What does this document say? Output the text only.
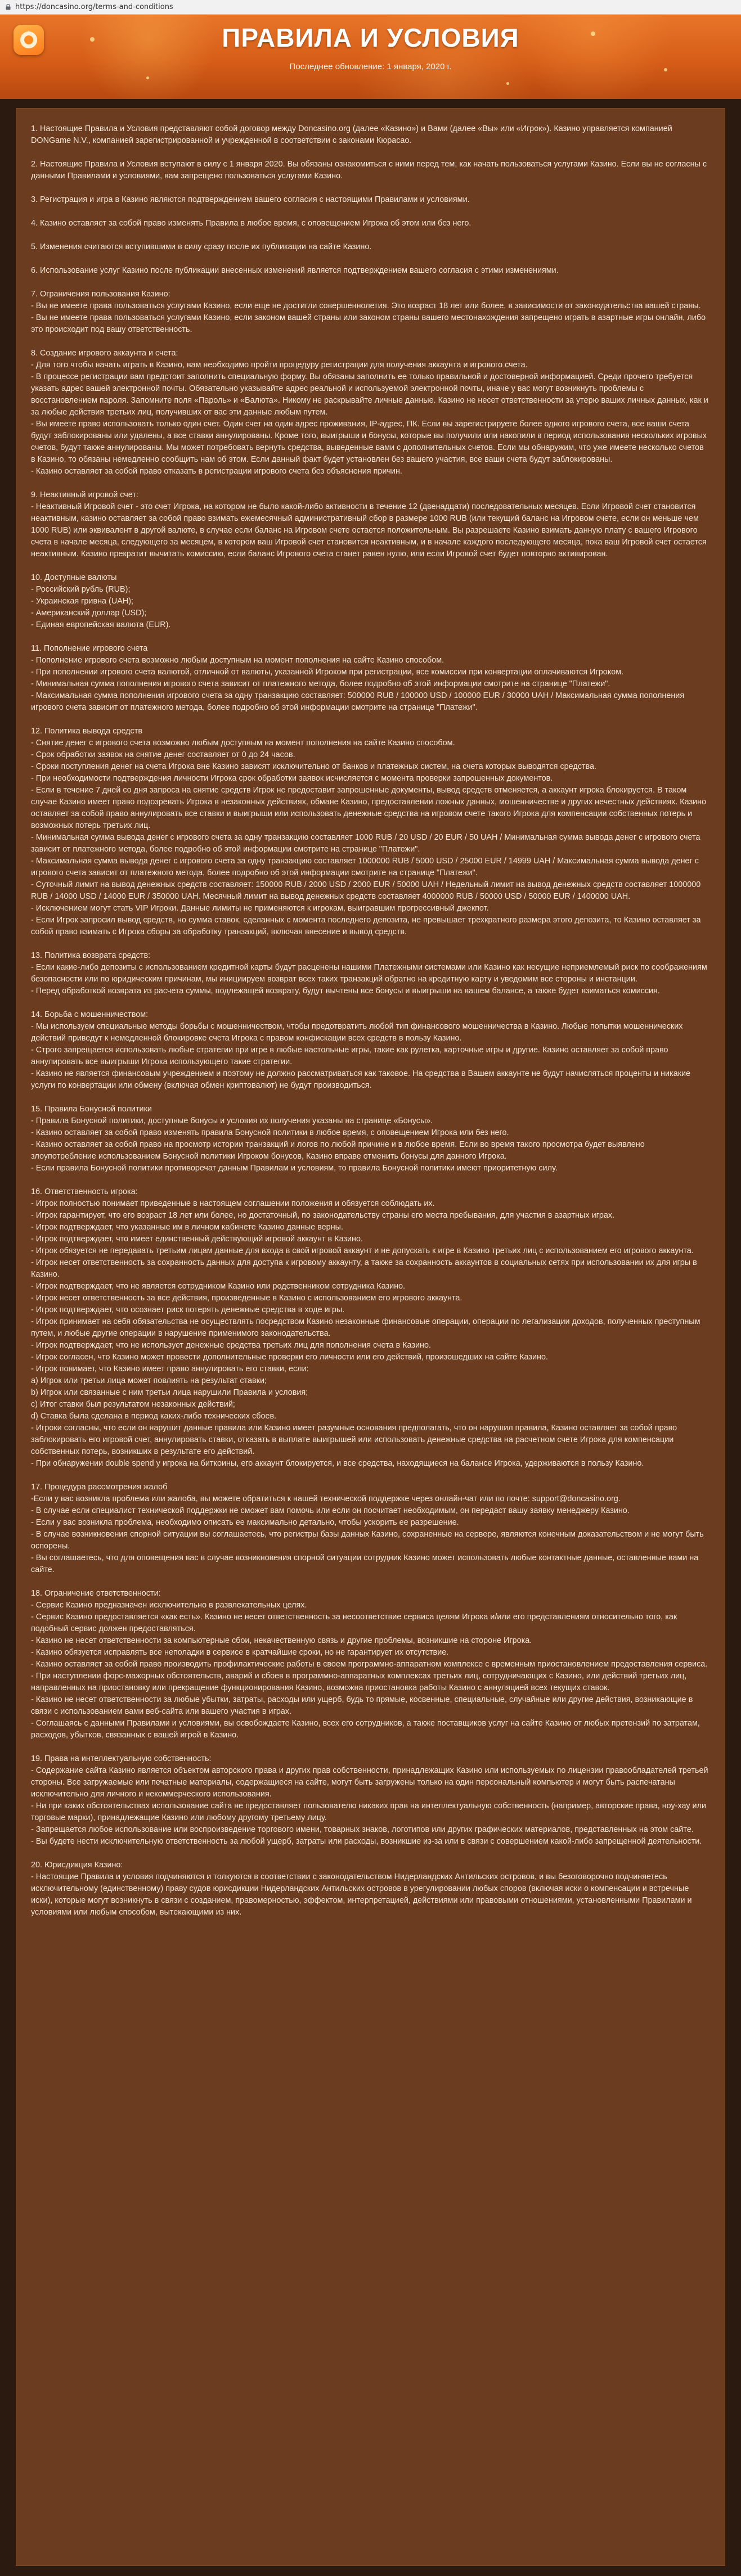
https://doncasino.org/terms-and-conditions
ПРАВИЛА И УСЛОВИЯ
Последнее обновление: 1 января, 2020 г.
1. Настоящие Правила и Условия представляют собой договор между Doncasino.org (далее «Казино») и Вами (далее «Вы» или «Игрок»). Казино управляется компанией DONGame N.V., компанией зарегистрированной и учрежденной в соответствии с законами Кюрасао.
2. Настоящие Правила и Условия вступают в силу с 1 января 2020. Вы обязаны ознакомиться с ними перед тем, как начать пользоваться услугами Казино. Если вы не согласны с данными Правилами и условиями, вам запрещено пользоваться услугами Казино.
3. Регистрация и игра в Казино являются подтверждением вашего согласия с настоящими Правилами и условиями.
4. Казино оставляет за собой право изменять Правила в любое время, с оповещением Игрока об этом или без него.
5. Изменения считаются вступившими в силу сразу после их публикации на сайте Казино.
6. Использование услуг Казино после публикации внесенных изменений является подтверждением вашего согласия с этими изменениями.
7. Ограничения пользования Казино:
- Вы не имеете права пользоваться услугами Казино, если еще не достигли совершеннолетия. Это возраст 18 лет или более, в зависимости от законодательства вашей страны.
- Вы не имеете права пользоваться услугами Казино, если законом вашей страны или законом страны вашего местонахождения запрещено играть в азартные игры онлайн, либо это происходит под вашу ответственность.
8. Создание игрового аккаунта и счета:
- Для того чтобы начать играть в Казино, вам необходимо пройти процедуру регистрации для получения аккаунта и игрового счета.
- В процессе регистрации вам предстоит заполнить специальную форму. Вы обязаны заполнить ее только правильной и достоверной информацией. Среди прочего требуется указать адрес вашей электронной почты. Обязательно указывайте адрес реальной и используемой электронной почты, иначе у вас могут возникнуть проблемы с восстановлением пароля. Запомните поля «Пароль» и «Валюта». Никому не раскрывайте личные данные. Казино не несет ответственности за утерю ваших личных данных, как и за любые действия третьих лиц, получивших от вас эти данные любым путем.
- Вы имеете право использовать только один счет. Один счет на один адрес проживания, IP-адрес, ПК. Если вы зарегистрируете более одного игрового счета, все ваши счета будут заблокированы или удалены, а все ставки аннулированы. Кроме того, выигрыши и бонусы, которые вы получили или накопили в период использования нескольких игровых счетов, будут также аннулированы. Мы может потребовать вернуть средства, выведенные вами с дополнительных счетов. Если мы обнаружим, что уже имеете несколько счетов в Казино, то обязаны немедленно сообщить нам об этом. Если данный факт будет установлен без вашего участия, все ваши счета будут заблокированы.
- Казино оставляет за собой право отказать в регистрации игрового счета без объяснения причин.
9. Неактивный игровой счет:
- Неактивный Игровой счет - это счет Игрока, на котором не было какой-либо активности в течение 12 (двенадцати) последовательных месяцев. Если Игровой счет становится неактивным, казино оставляет за собой право взимать ежемесячный административный сбор в размере 1000 RUB (или текущий баланс на Игровом счете, если он меньше чем 1000 RUB) или эквивалент в другой валюте, в случае если баланс на Игровом счете остается положительным. Вы разрешаете Казино взимать данную плату с вашего Игрового счета в начале месяца, следующего за месяцем, в котором ваш Игровой счет становится неактивным, и в начале каждого последующего месяца, пока ваш Игровой счет остается неактивным. Казино прекратит вычитать комиссию, если баланс Игрового счета станет равен нулю, или если Игровой счет будет повторно активирован.
10. Доступные валюты
- Российский рубль (RUB);
- Украинская гривна (UAH);
- Американский доллар (USD);
- Единая европейская валюта (EUR).
11. Пополнение игрового счета
- Пополнение игрового счета возможно любым доступным на момент пополнения на сайте Казино способом.
- При пополнении игрового счета валютой, отличной от валюты, указанной Игроком при регистрации, все комиссии при конвертации оплачиваются Игроком.
- Минимальная сумма пополнения игрового счета зависит от платежного метода, более подробно об этой информации смотрите на странице "Платежи".
- Максимальная сумма пополнения игрового счета за одну транзакцию составляет: 500000 RUB / 100000 USD / 100000 EUR / 30000 UAH / Максимальная сумма пополнения игрового счета зависит от платежного метода, более подробно об этой информации смотрите на странице "Платежи".
12. Политика вывода средств
- Снятие денег с игрового счета возможно любым доступным на момент пополнения на сайте Казино способом.
- Срок обработки заявок на снятие денег составляет от 0 до 24 часов.
- Сроки поступления денег на счета Игрока вне Казино зависят исключительно от банков и платежных систем, на счета которых выводятся средства.
- При необходимости подтверждения личности Игрока срок обработки заявок исчисляется с момента проверки запрошенных документов.
- Если в течение 7 дней со дня запроса на снятие средств Игрок не предоставит запрошенные документы, вывод средств отменяется, а аккаунт игрока блокируется. В таком случае Казино имеет право подозревать Игрока в незаконных действиях, обмане Казино, предоставлении ложных данных, мошенничестве и других нечестных действиях. Казино оставляет за собой право аннулировать все ставки и выигрыши или использовать денежные средства на игровом счете такого Игрока для компенсации собственных потерь и возможных потерь третьих лиц.
- Минимальная сумма вывода денег с игрового счета за одну транзакцию составляет 1000 RUB / 20 USD / 20 EUR / 50 UAH / Минимальная сумма вывода денег с игрового счета зависит от платежного метода, более подробно об этой информации смотрите на странице "Платежи".
- Максимальная сумма вывода денег с игрового счета за одну транзакцию составляет 1000000 RUB / 5000 USD / 25000 EUR / 14999 UAH / Максимальная сумма вывода денег с игрового счета зависит от платежного метода, более подробно об этой информации смотрите на странице "Платежи".
- Суточный лимит на вывод денежных средств составляет: 150000 RUB / 2000 USD / 2000 EUR / 50000 UAH / Недельный лимит на вывод денежных средств составляет 1000000 RUB / 14000 USD / 14000 EUR / 350000 UAH. Месячный лимит на вывод денежных средств составляет 4000000 RUB / 50000 USD / 50000 EUR / 1400000 UAH.
- Исключением могут стать VIP Игроки. Данные лимиты не применяются к игрокам, выигравшим прогрессивный джекпот.
- Если Игрок запросил вывод средств, но сумма ставок, сделанных с момента последнего депозита, не превышает трехкратного размера этого депозита, то Казино оставляет за собой право взимать с Игрока сборы за обработку транзакций, включая внесение и вывод средств.
13. Политика возврата средств:
- Если какие-либо депозиты с использованием кредитной карты будут расценены нашими Платежными системами или Казино как несущие неприемлемый риск по соображениям безопасности или по юридическим причинам, мы инициируем возврат всех таких транзакций обратно на кредитную карту и уведомим все стороны и инстанции.
- Перед обработкой возврата из расчета суммы, подлежащей возврату, будут вычтены все бонусы и выигрыши на вашем балансе, а также будет взиматься комиссия.
14. Борьба с мошенничеством:
- Мы используем специальные методы борьбы с мошенничеством, чтобы предотвратить любой тип финансового мошенничества в Казино. Любые попытки мошеннических действий приведут к немедленной блокировке счета Игрока с правом конфискации всех средств в пользу Казино.
- Строго запрещается использовать любые стратегии при игре в любые настольные игры, такие как рулетка, карточные игры и другие. Казино оставляет за собой право аннулировать все выигрыши Игрока использующего такие стратегии.
- Казино не является финансовым учреждением и поэтому не должно рассматриваться как таковое. На средства в Вашем аккаунте не будут начисляться проценты и никакие услуги по конвертации или обмену (включая обмен криптовалют) не будут производиться.
15. Правила Бонусной политики
- Правила Бонусной политики, доступные бонусы и условия их получения указаны на странице «Бонусы».
- Казино оставляет за собой право изменять правила Бонусной политики в любое время, с оповещением Игрока или без него.
- Казино оставляет за собой право на просмотр истории транзакций и логов по любой причине и в любое время. Если во время такого просмотра будет выявлено злоупотребление использованием Бонусной политики Игроком бонусов, Казино вправе отменить бонусы для данного Игрока.
- Если правила Бонусной политики противоречат данным Правилам и условиям, то правила Бонусной политики имеют приоритетную силу.
16. Ответственность игрока:
- Игрок полностью понимает приведенные в настоящем соглашении положения и обязуется соблюдать их.
- Игрок гарантирует, что его возраст 18 лет или более, но достаточный, по законодательству страны его места пребывания, для участия в азартных играх.
- Игрок подтверждает, что указанные им в личном кабинете Казино данные верны.
- Игрок подтверждает, что имеет единственный действующий игровой аккаунт в Казино.
- Игрок обязуется не передавать третьим лицам данные для входа в свой игровой аккаунт и не допускать к игре в Казино третьих лиц с использованием его игрового аккаунта.
- Игрок несет ответственность за сохранность данных для доступа к игровому аккаунту, а также за сохранность аккаунтов в социальных сетях при использовании их для игры в Казино.
- Игрок подтверждает, что не является сотрудником Казино или родственником сотрудника Казино.
- Игрок несет ответственность за все действия, произведенные в Казино с использованием его игрового аккаунта.
- Игрок подтверждает, что осознает риск потерять денежные средства в ходе игры.
- Игрок принимает на себя обязательства не осуществлять посредством Казино незаконные финансовые операции, операции по легализации доходов, полученных преступным путем, и любые другие операции в нарушение применимого законодательства.
- Игрок подтверждает, что не использует денежные средства третьих лиц для пополнения счета в Казино.
- Игрок согласен, что Казино может провести дополнительные проверки его личности или его действий, произошедших на сайте Казино.
- Игрок понимает, что Казино имеет право аннулировать его ставки, если:
a) Игрок или третьи лица может повлиять на результат ставки;
b) Игрок или связанные с ним третьи лица нарушили Правила и условия;
c) Итог ставки был результатом незаконных действий;
d) Ставка была сделана в период каких-либо технических сбоев.
- Игроки согласны, что если он нарушит данные правила или Казино имеет разумные основания предполагать, что он нарушил правила, Казино оставляет за собой право заблокировать его игровой счет, аннулировать ставки, отказать в выплате выигрышей или использовать денежные средства на расчетном счете Игрока для компенсации собственных потерь, возникших в результате его действий.
- При обнаружении double spend у игрока на биткоины, его аккаунт блокируется, и все средства, находящиеся на балансе Игрока, удерживаются в пользу Казино.
17. Процедура рассмотрения жалоб
-Если у вас возникла проблема или жалоба, вы можете обратиться к нашей технической поддержке через онлайн-чат или по почте: support@doncasino.org.
- В случае если специалист технической поддержки не сможет вам помочь или если он посчитает необходимым, он передаст вашу заявку менеджеру Казино.
- Если у вас возникла проблема, необходимо описать ее максимально детально, чтобы ускорить ее разрешение.
- В случае возникновения спорной ситуации вы соглашаетесь, что регистры базы данных Казино, сохраненные на сервере, являются конечным доказательством и не могут быть оспорены.
- Вы соглашаетесь, что для оповещения вас в случае возникновения спорной ситуации сотрудник Казино может использовать любые контактные данные, оставленные вами на сайте.
18. Ограничение ответственности:
- Сервис Казино предназначен исключительно в развлекательных целях.
- Сервис Казино предоставляется «как есть». Казино не несет ответственность за несоответствие сервиса целям Игрока и/или его представлениям относительно того, как подобный сервис должен предоставляться.
- Казино не несет ответственности за компьютерные сбои, некачественную связь и другие проблемы, возникшие на стороне Игрока.
- Казино обязуется исправлять все неполадки в сервисе в кратчайшие сроки, но не гарантирует их отсутствие.
- Казино оставляет за собой право производить профилактические работы в своем программно-аппаратном комплексе с временным приостановлением предоставления сервиса.
- При наступлении форс-мажорных обстоятельств, аварий и сбоев в программно-аппаратных комплексах третьих лиц, сотрудничающих с Казино, или действий третьих лиц, направленных на приостановку или прекращение функционирования Казино, возможна приостановка работы Казино с аннуляцией всех текущих ставок.
- Казино не несет ответственности за любые убытки, затраты, расходы или ущерб, будь то прямые, косвенные, специальные, случайные или другие действия, возникающие в связи с использованием вами веб-сайта или вашего участия в играх.
- Соглашаясь с данными Правилами и условиями, вы освобождаете Казино, всех его сотрудников, а также поставщиков услуг на сайте Казино от любых претензий по затратам, расходов, убытков, связанных с вашей игрой в Казино.
19. Права на интеллектуальную собственность:
- Содержание сайта Казино является объектом авторского права и других прав собственности, принадлежащих Казино или используемых по лицензии правообладателей третьей стороны. Все загружаемые или печатные материалы, содержащиеся на сайте, могут быть загружены только на один персональный компьютер и могут быть распечатаны исключительно для личного и некоммерческого использования.
- Ни при каких обстоятельствах использование сайта не предоставляет пользователю никаких прав на интеллектуальную собственность (например, авторские права, ноу-хау или торговые марки), принадлежащие Казино или любому другому третьему лицу.
- Запрещается любое использование или воспроизведение торгового имени, товарных знаков, логотипов или других графических материалов, представленных на этом сайте.
- Вы будете нести исключительную ответственность за любой ущерб, затраты или расходы, возникшие из-за или в связи с совершением какой-либо запрещенной деятельности.
20. Юрисдикция Казино:
- Настоящие Правила и условия подчиняются и толкуются в соответствии с законодательством Нидерландских Антильских островов, и вы безоговорочно подчиняетесь исключительному (единственному) праву судов юрисдикции Нидерландских Антильских островов в урегулировании любых споров (включая иски о компенсации и встречные иски), которые могут возникнуть в связи с созданием, правомерностью, эффектом, интерпретацией, действиями или правовыми отношениями, установленными Правилами и условиями или любым способом, вытекающими из них.
